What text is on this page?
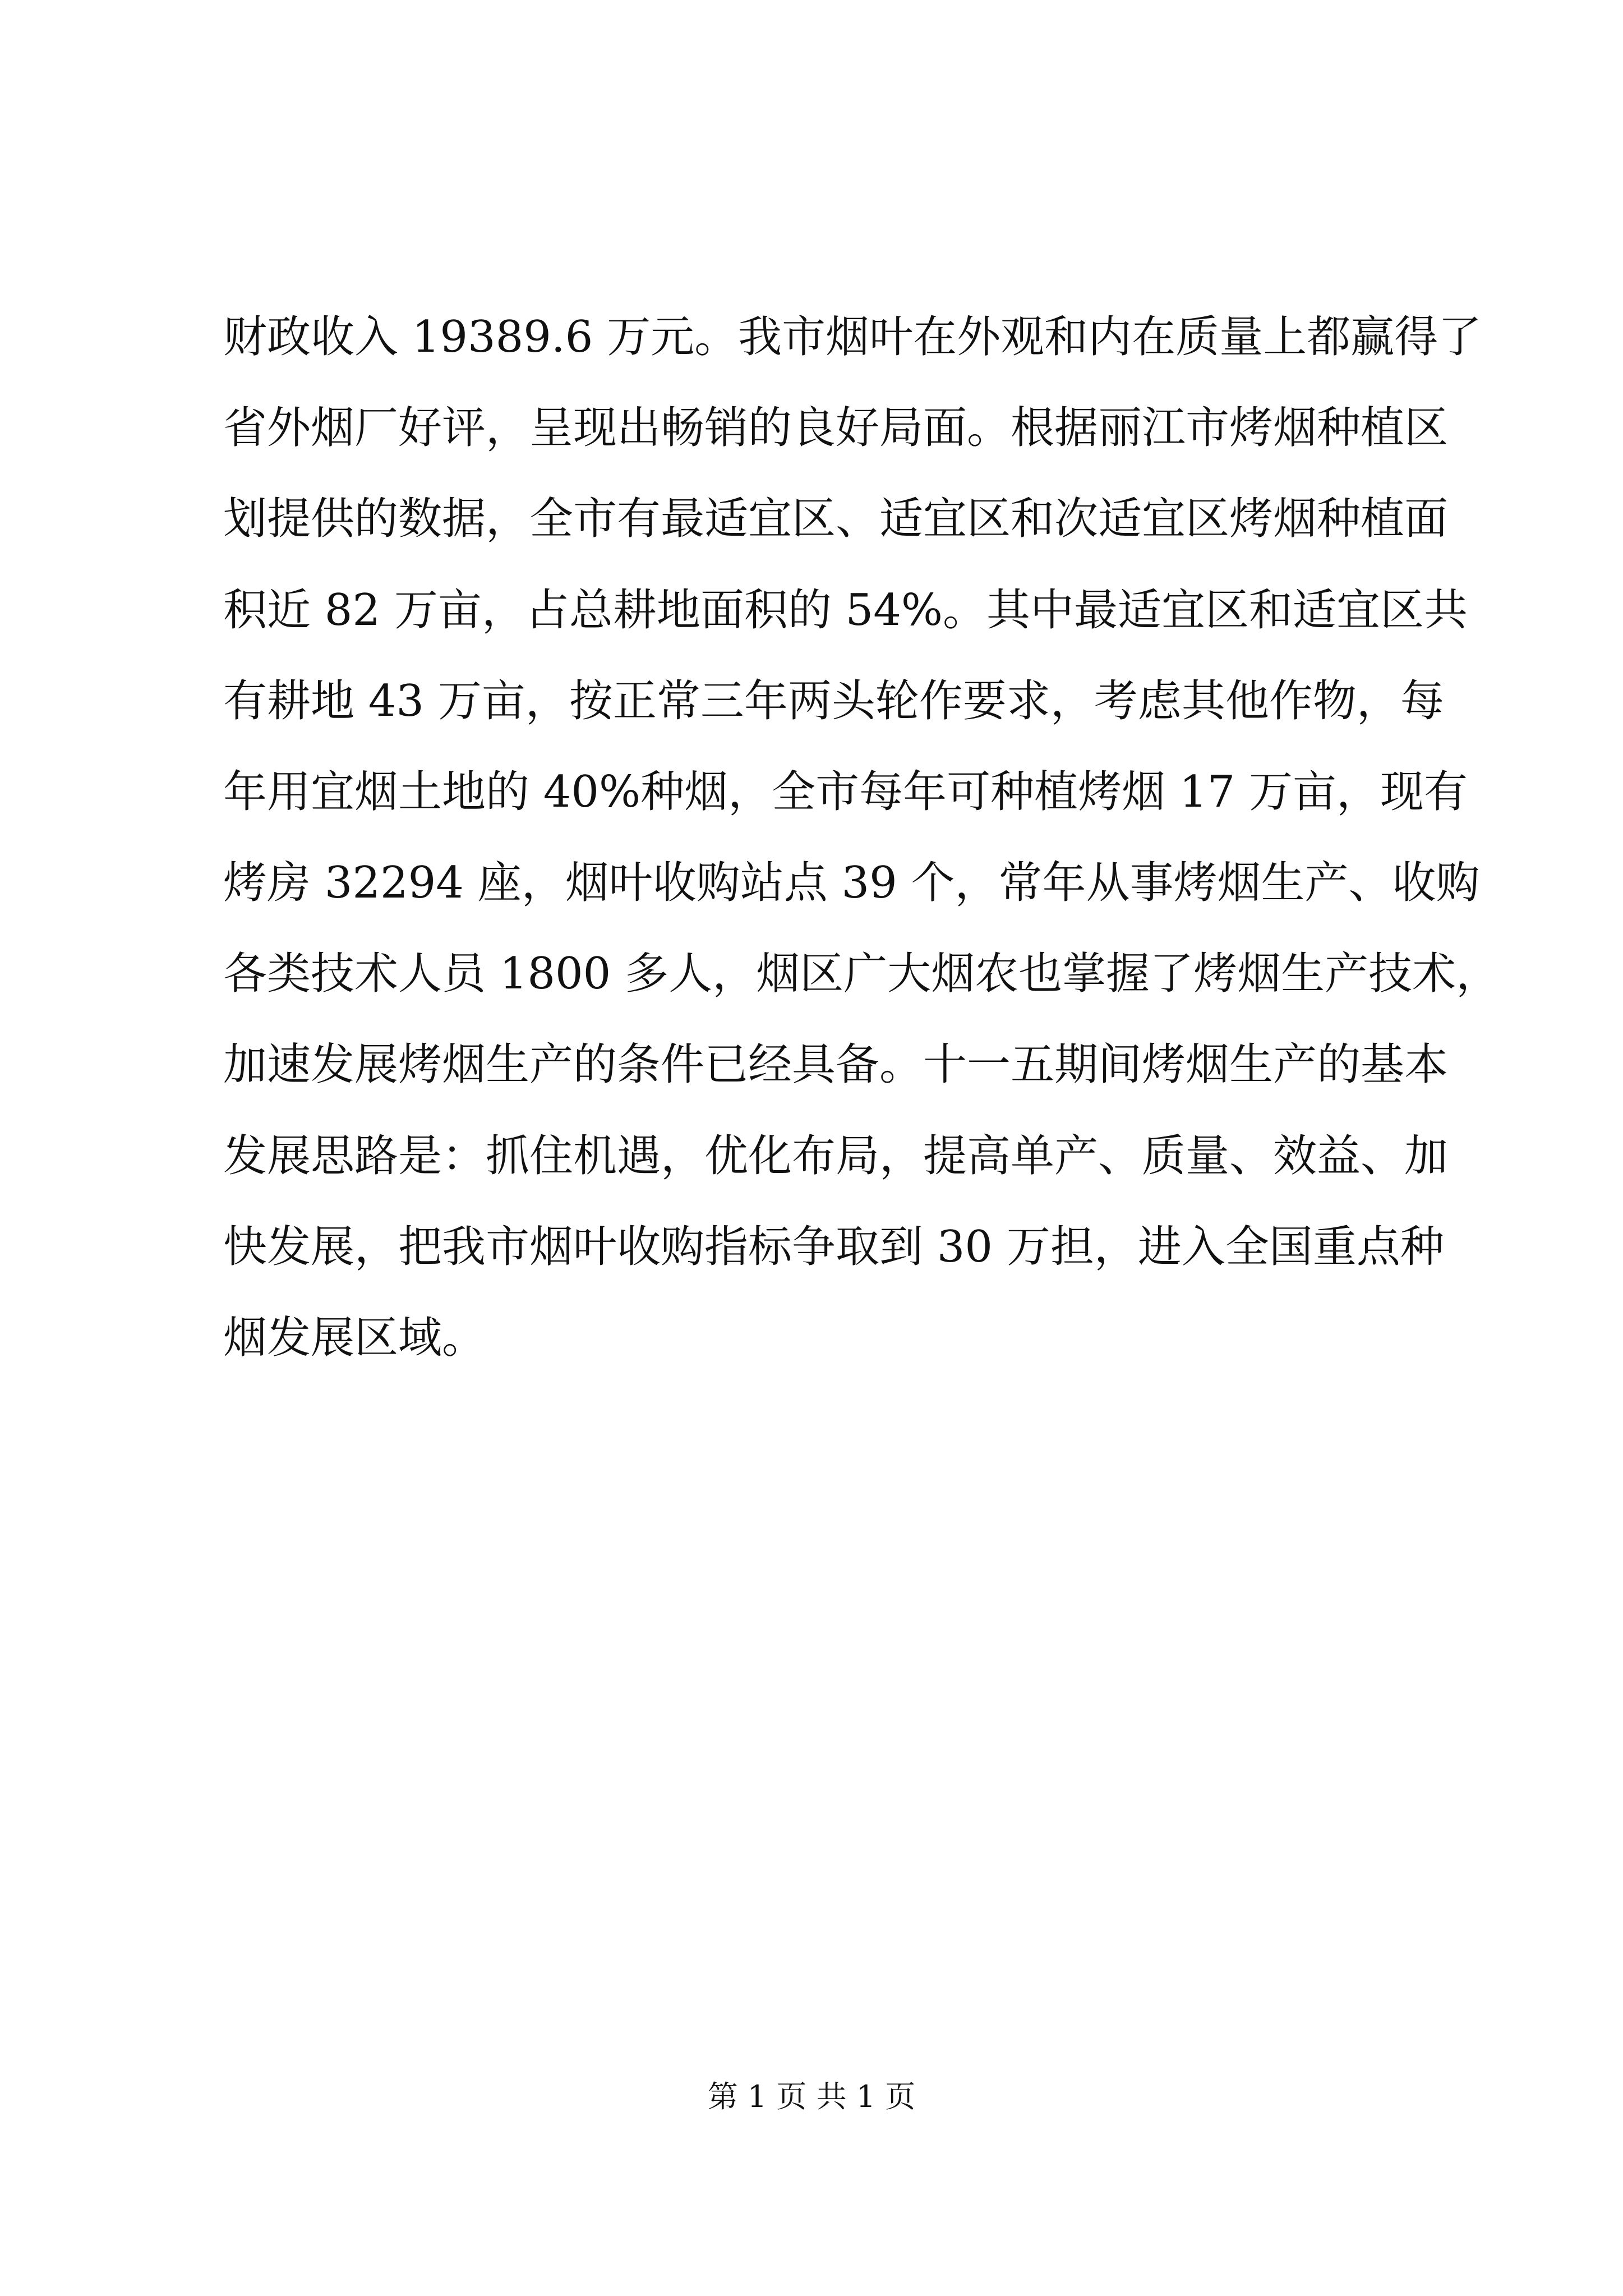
财政收入 19389.6 万元。我市烟叶在外观和内在质量上都赢得了
省外烟厂好评，呈现出畅销的良好局面。根据丽江市烤烟种植区
划提供的数据，全市有最适宜区、适宜区和次适宜区烤烟种植面
积近 82 万亩，占总耕地面积的 54%。其中最适宜区和适宜区共
有耕地 43 万亩，按正常三年两头轮作要求，考虑其他作物，每
年用宜烟土地的 40%种烟，全市每年可种植烤烟 17 万亩，现有
烤房 32294 座，烟叶收购站点 39 个，常年从事烤烟生产、收购
各类技术人员 1800 多人，烟区广大烟农也掌握了烤烟生产技术，
加速发展烤烟生产的条件已经具备。十一五期间烤烟生产的基本
发展思路是：抓住机遇，优化布局，提高单产、质量、效益、加
快发展，把我市烟叶收购指标争取到 30 万担，进入全国重点种
烟发展区域。
第 1 页 共 1 页
